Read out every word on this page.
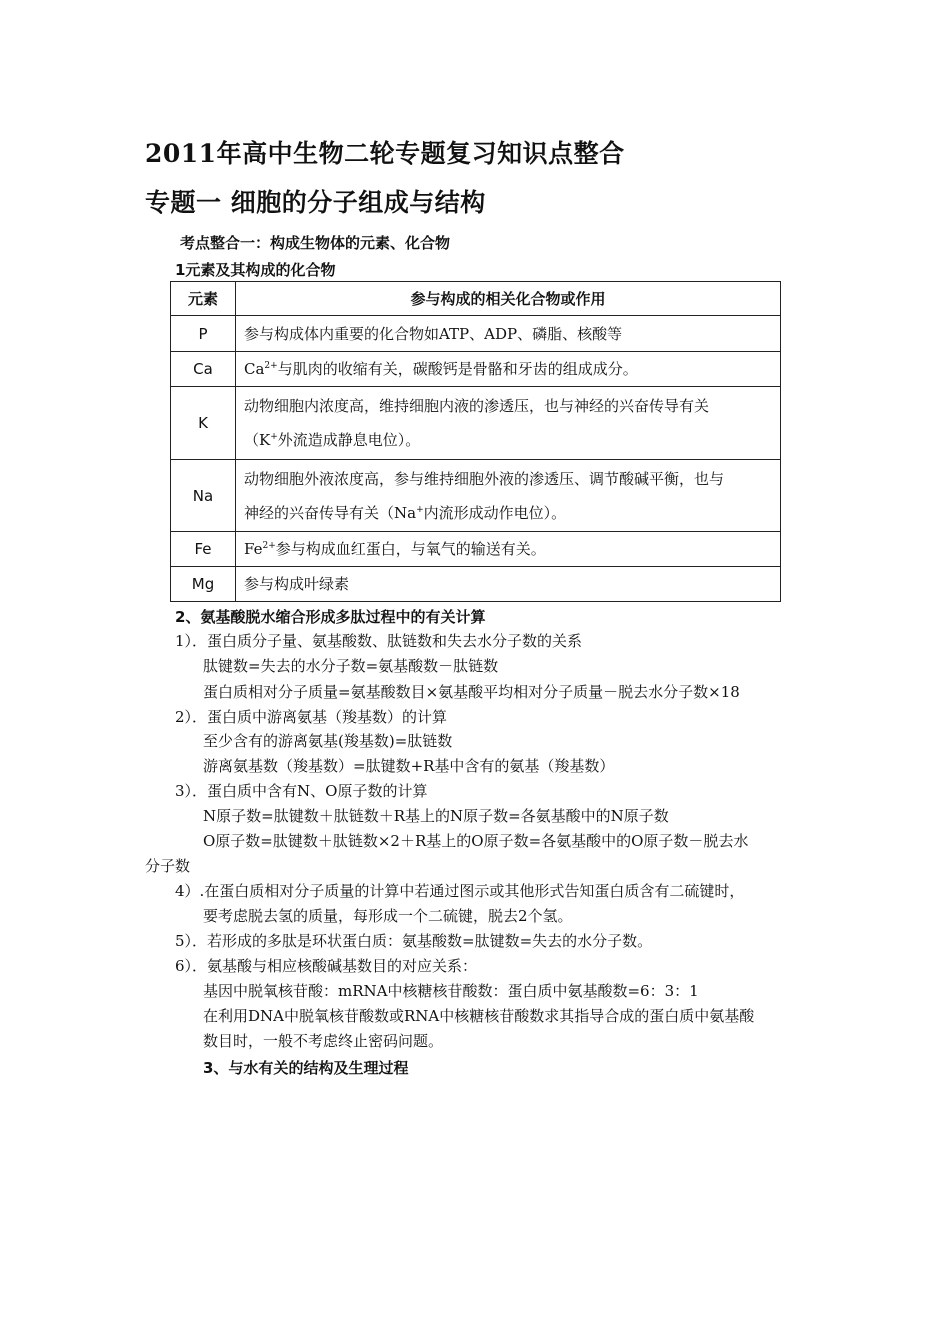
2011年高中生物二轮专题复习知识点整合
专题一 细胞的分子组成与结构
考点整合一：构成生物体的元素、化合物
1元素及其构成的化合物
元素	参与构成的相关化合物或作用
P	参与构成体内重要的化合物如ATP、ADP、磷脂、核酸等
Ca	$Ca^{2+}$与肌肉的收缩有关，碳酸钙是骨骼和牙齿的组成成分。
K	动物细胞内浓度高，维持细胞内液的渗透压，也与神经的兴奋传导有关
（K+外流造成静息电位）。

Na	动物细胞外液浓度高，参与维持细胞外液的渗透压、调节酸碱平衡，也与
神经的兴奋传导有关（Na+内流形成动作电位）。

Fe	$Fe^{2+}$参与构成血红蛋白，与氧气的输送有关。
Mg	参与构成叶绿素
2、氨基酸脱水缩合形成多肽过程中的有关计算
1）．蛋白质分子量、氨基酸数、肽链数和失去水分子数的关系
肽键数=失去的水分子数=氨基酸数－肽链数
蛋白质相对分子质量=氨基酸数目×氨基酸平均相对分子质量－脱去水分子数×18
2）．蛋白质中游离氨基（羧基数）的计算
至少含有的游离氨基(羧基数)=肽链数
游离氨基数（羧基数）=肽键数+R基中含有的氨基（羧基数）
3）．蛋白质中含有N、O原子数的计算
N原子数=肽键数＋肽链数＋R基上的N原子数=各氨基酸中的N原子数
O原子数=肽键数＋肽链数×2＋R基上的O原子数=各氨基酸中的O原子数－脱去水
分子数
4）.在蛋白质相对分子质量的计算中若通过图示或其他形式告知蛋白质含有二硫键时，
要考虑脱去氢的质量，每形成一个二硫键，脱去2个氢。
5）．若形成的多肽是环状蛋白质：氨基酸数=肽键数=失去的水分子数。
6）．氨基酸与相应核酸碱基数目的对应关系：
基因中脱氧核苷酸：mRNA中核糖核苷酸数：蛋白质中氨基酸数=6：3：1
在利用DNA中脱氧核苷酸数或RNA中核糖核苷酸数求其指导合成的蛋白质中氨基酸
数目时，一般不考虑终止密码问题。
3、与水有关的结构及生理过程
